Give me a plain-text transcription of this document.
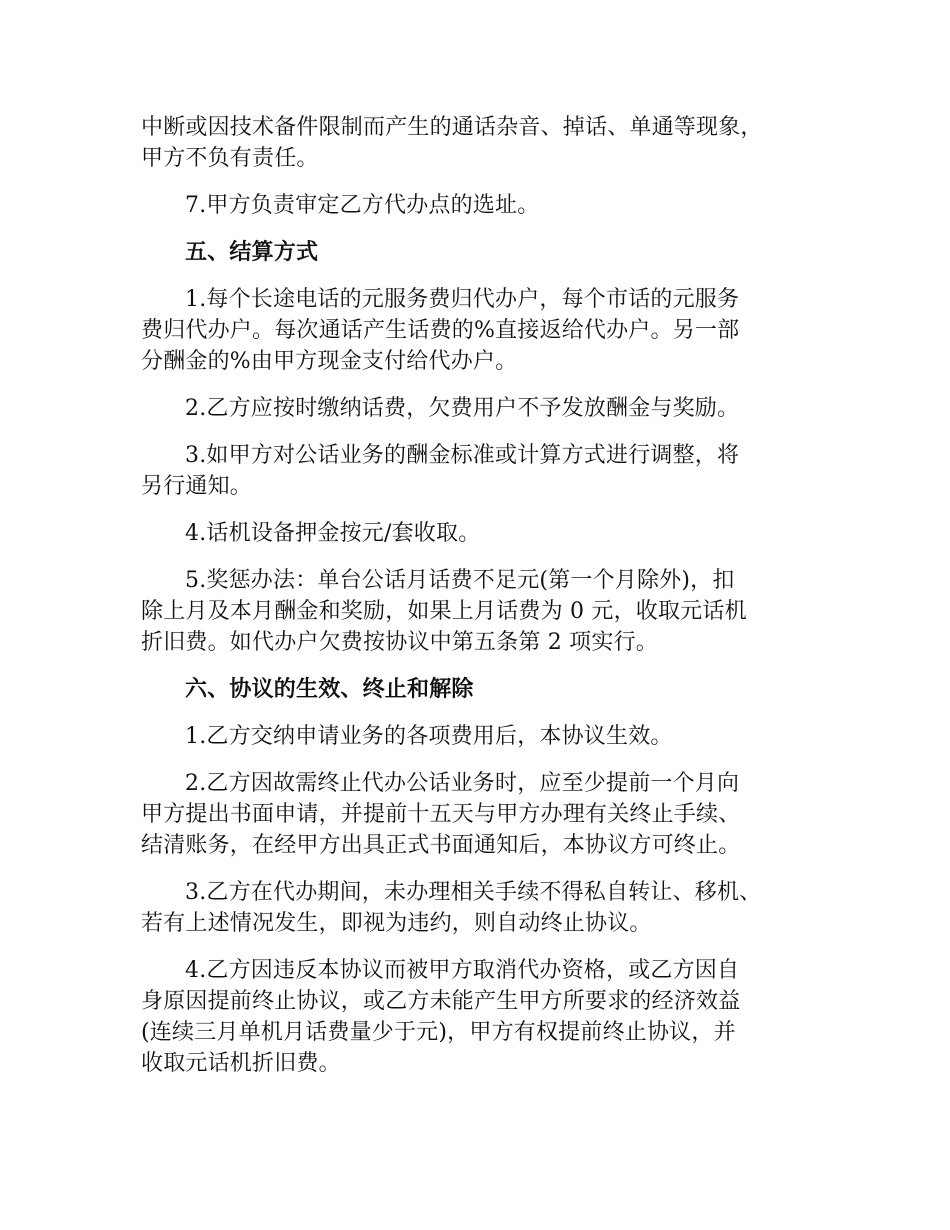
中断或因技术备件限制而产生的通话杂音、掉话、单通等现象，
甲方不负有责任。
7.甲方负责审定乙方代办点的选址。
五、结算方式
1.每个长途电话的元服务费归代办户，每个市话的元服务
费归代办户。每次通话产生话费的%直接返给代办户。另一部
分酬金的%由甲方现金支付给代办户。
2.乙方应按时缴纳话费，欠费用户不予发放酬金与奖励。
3.如甲方对公话业务的酬金标准或计算方式进行调整，将
另行通知。
4.话机设备押金按元/套收取。
5.奖惩办法：单台公话月话费不足元(第一个月除外)，扣
除上月及本月酬金和奖励，如果上月话费为 0 元，收取元话机
折旧费。如代办户欠费按协议中第五条第 2 项实行。
六、协议的生效、终止和解除
1.乙方交纳申请业务的各项费用后，本协议生效。
2.乙方因故需终止代办公话业务时，应至少提前一个月向
甲方提出书面申请，并提前十五天与甲方办理有关终止手续、
结清账务，在经甲方出具正式书面通知后，本协议方可终止。
3.乙方在代办期间，未办理相关手续不得私自转让、移机、
若有上述情况发生，即视为违约，则自动终止协议。
4.乙方因违反本协议而被甲方取消代办资格，或乙方因自
身原因提前终止协议，或乙方未能产生甲方所要求的经济效益
(连续三月单机月话费量少于元)，甲方有权提前终止协议，并
收取元话机折旧费。
